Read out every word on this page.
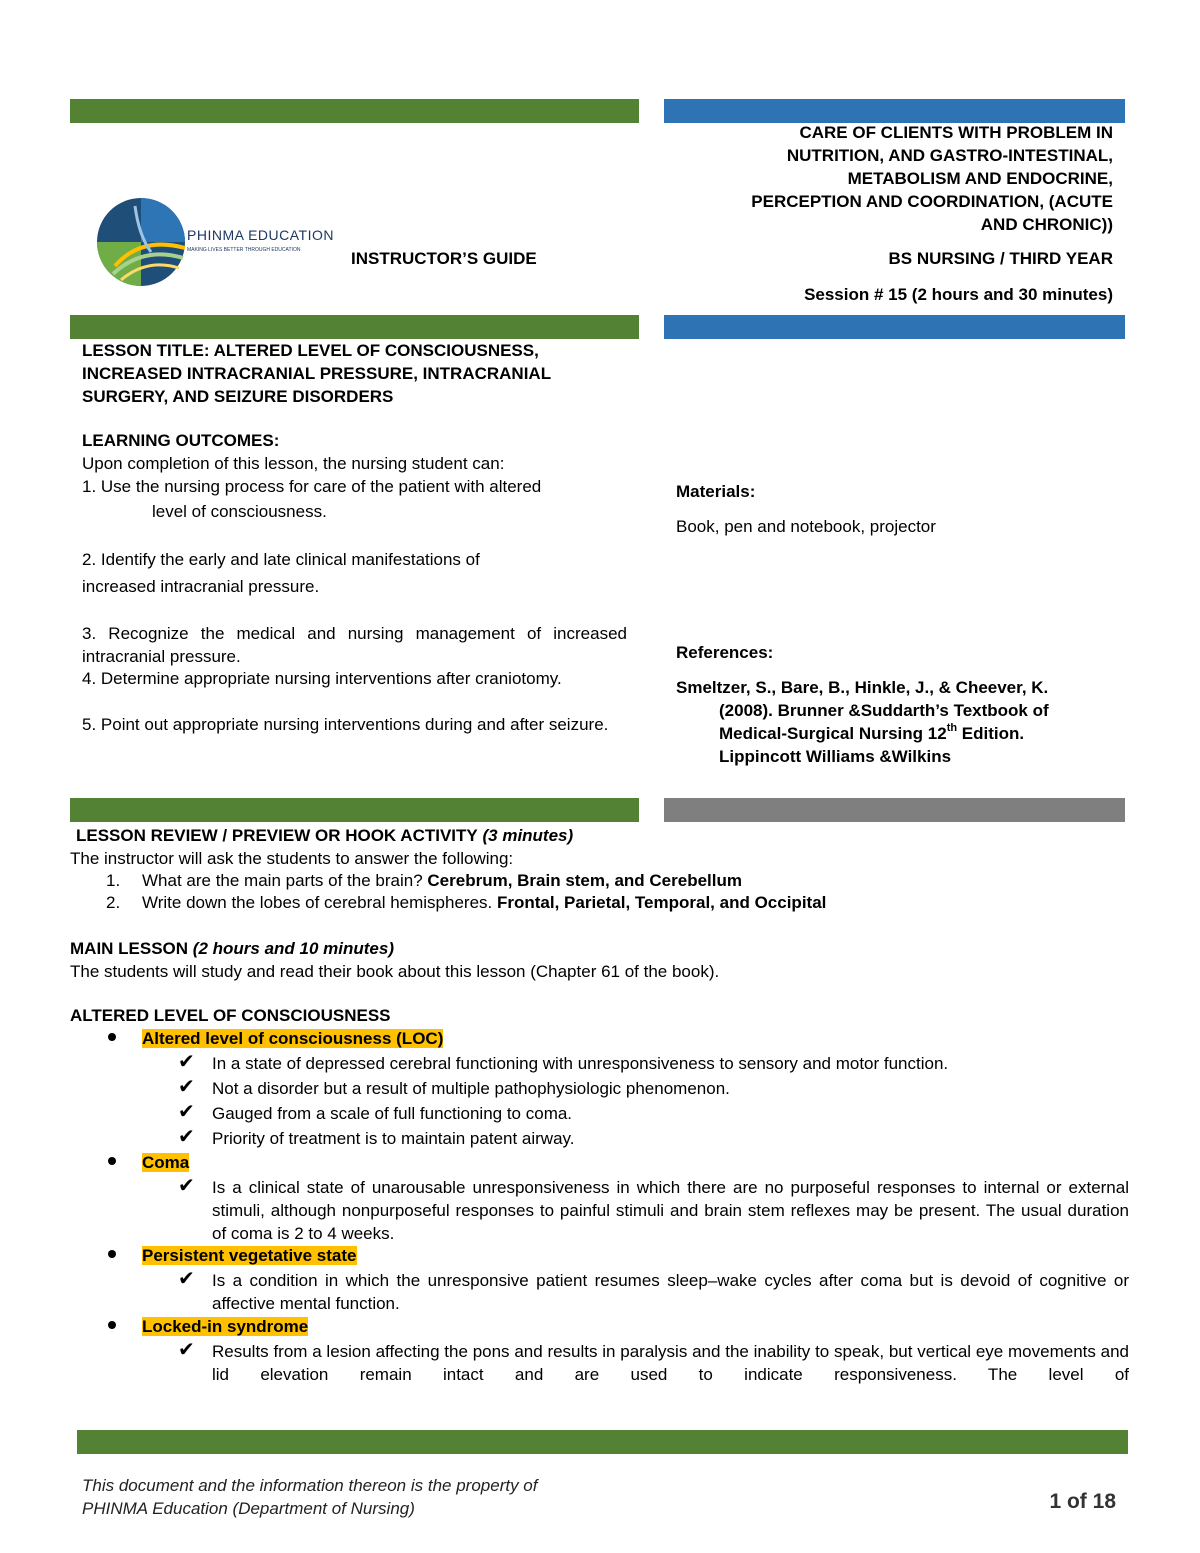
PHINMA EDUCATION
MAKING LIVES BETTER THROUGH EDUCATION	INSTRUCTOR’S GUIDE
CARE OF CLIENTS WITH PROBLEM IN
NUTRITION, AND GASTRO-INTESTINAL,
METABOLISM AND ENDOCRINE,
PERCEPTION AND COORDINATION, (ACUTE
AND CHRONIC))
BS NURSING / THIRD YEAR
Session # 15 (2 hours and 30 minutes)
LESSON TITLE: ALTERED LEVEL OF CONSCIOUSNESS,
INCREASED INTRACRANIAL PRESSURE, INTRACRANIAL
SURGERY, AND SEIZURE DISORDERS
LEARNING OUTCOMES:
Upon completion of this lesson, the nursing student can:
1. Use the nursing process for care of the patient with altered
level of consciousness.
2. Identify the early and late clinical manifestations of
increased intracranial pressure.
3. Recognize the medical and nursing management of increased intracranial pressure.
4. Determine appropriate nursing interventions after craniotomy.
5. Point out appropriate nursing interventions during and after seizure.
Materials:
Book, pen and notebook, projector
References:
Smeltzer, S., Bare, B., Hinkle, J., & Cheever, K.
(2008). Brunner &Suddarth’s Textbook of
Medical-Surgical Nursing 12th Edition.
Lippincott Williams &Wilkins
LESSON REVIEW / PREVIEW OR HOOK ACTIVITY (3 minutes)
The instructor will ask the students to answer the following:
1. What are the main parts of the brain? Cerebrum, Brain stem, and Cerebellum
2. Write down the lobes of cerebral hemispheres. Frontal, Parietal, Temporal, and Occipital
MAIN LESSON (2 hours and 10 minutes)
The students will study and read their book about this lesson (Chapter 61 of the book).
ALTERED LEVEL OF CONSCIOUSNESS
Altered level of consciousness (LOC)
✔ In a state of depressed cerebral functioning with unresponsiveness to sensory and motor function.
✔ Not a disorder but a result of multiple pathophysiologic phenomenon.
✔ Gauged from a scale of full functioning to coma.
✔ Priority of treatment is to maintain patent airway.
Coma
✔ Is a clinical state of unarousable unresponsiveness in which there are no purposeful responses to internal or external stimuli, although nonpurposeful responses to painful stimuli and brain stem reflexes may be present. The usual duration of coma is 2 to 4 weeks.
Persistent vegetative state
✔ Is a condition in which the unresponsive patient resumes sleep–wake cycles after coma but is devoid of cognitive or affective mental function.
Locked-in syndrome
✔ Results from a lesion affecting the pons and results in paralysis and the inability to speak, but vertical eye movements and lid elevation remain intact and are used to indicate responsiveness. The level of
This document and the information thereon is the property of
PHINMA Education (Department of Nursing)	1 of 18
